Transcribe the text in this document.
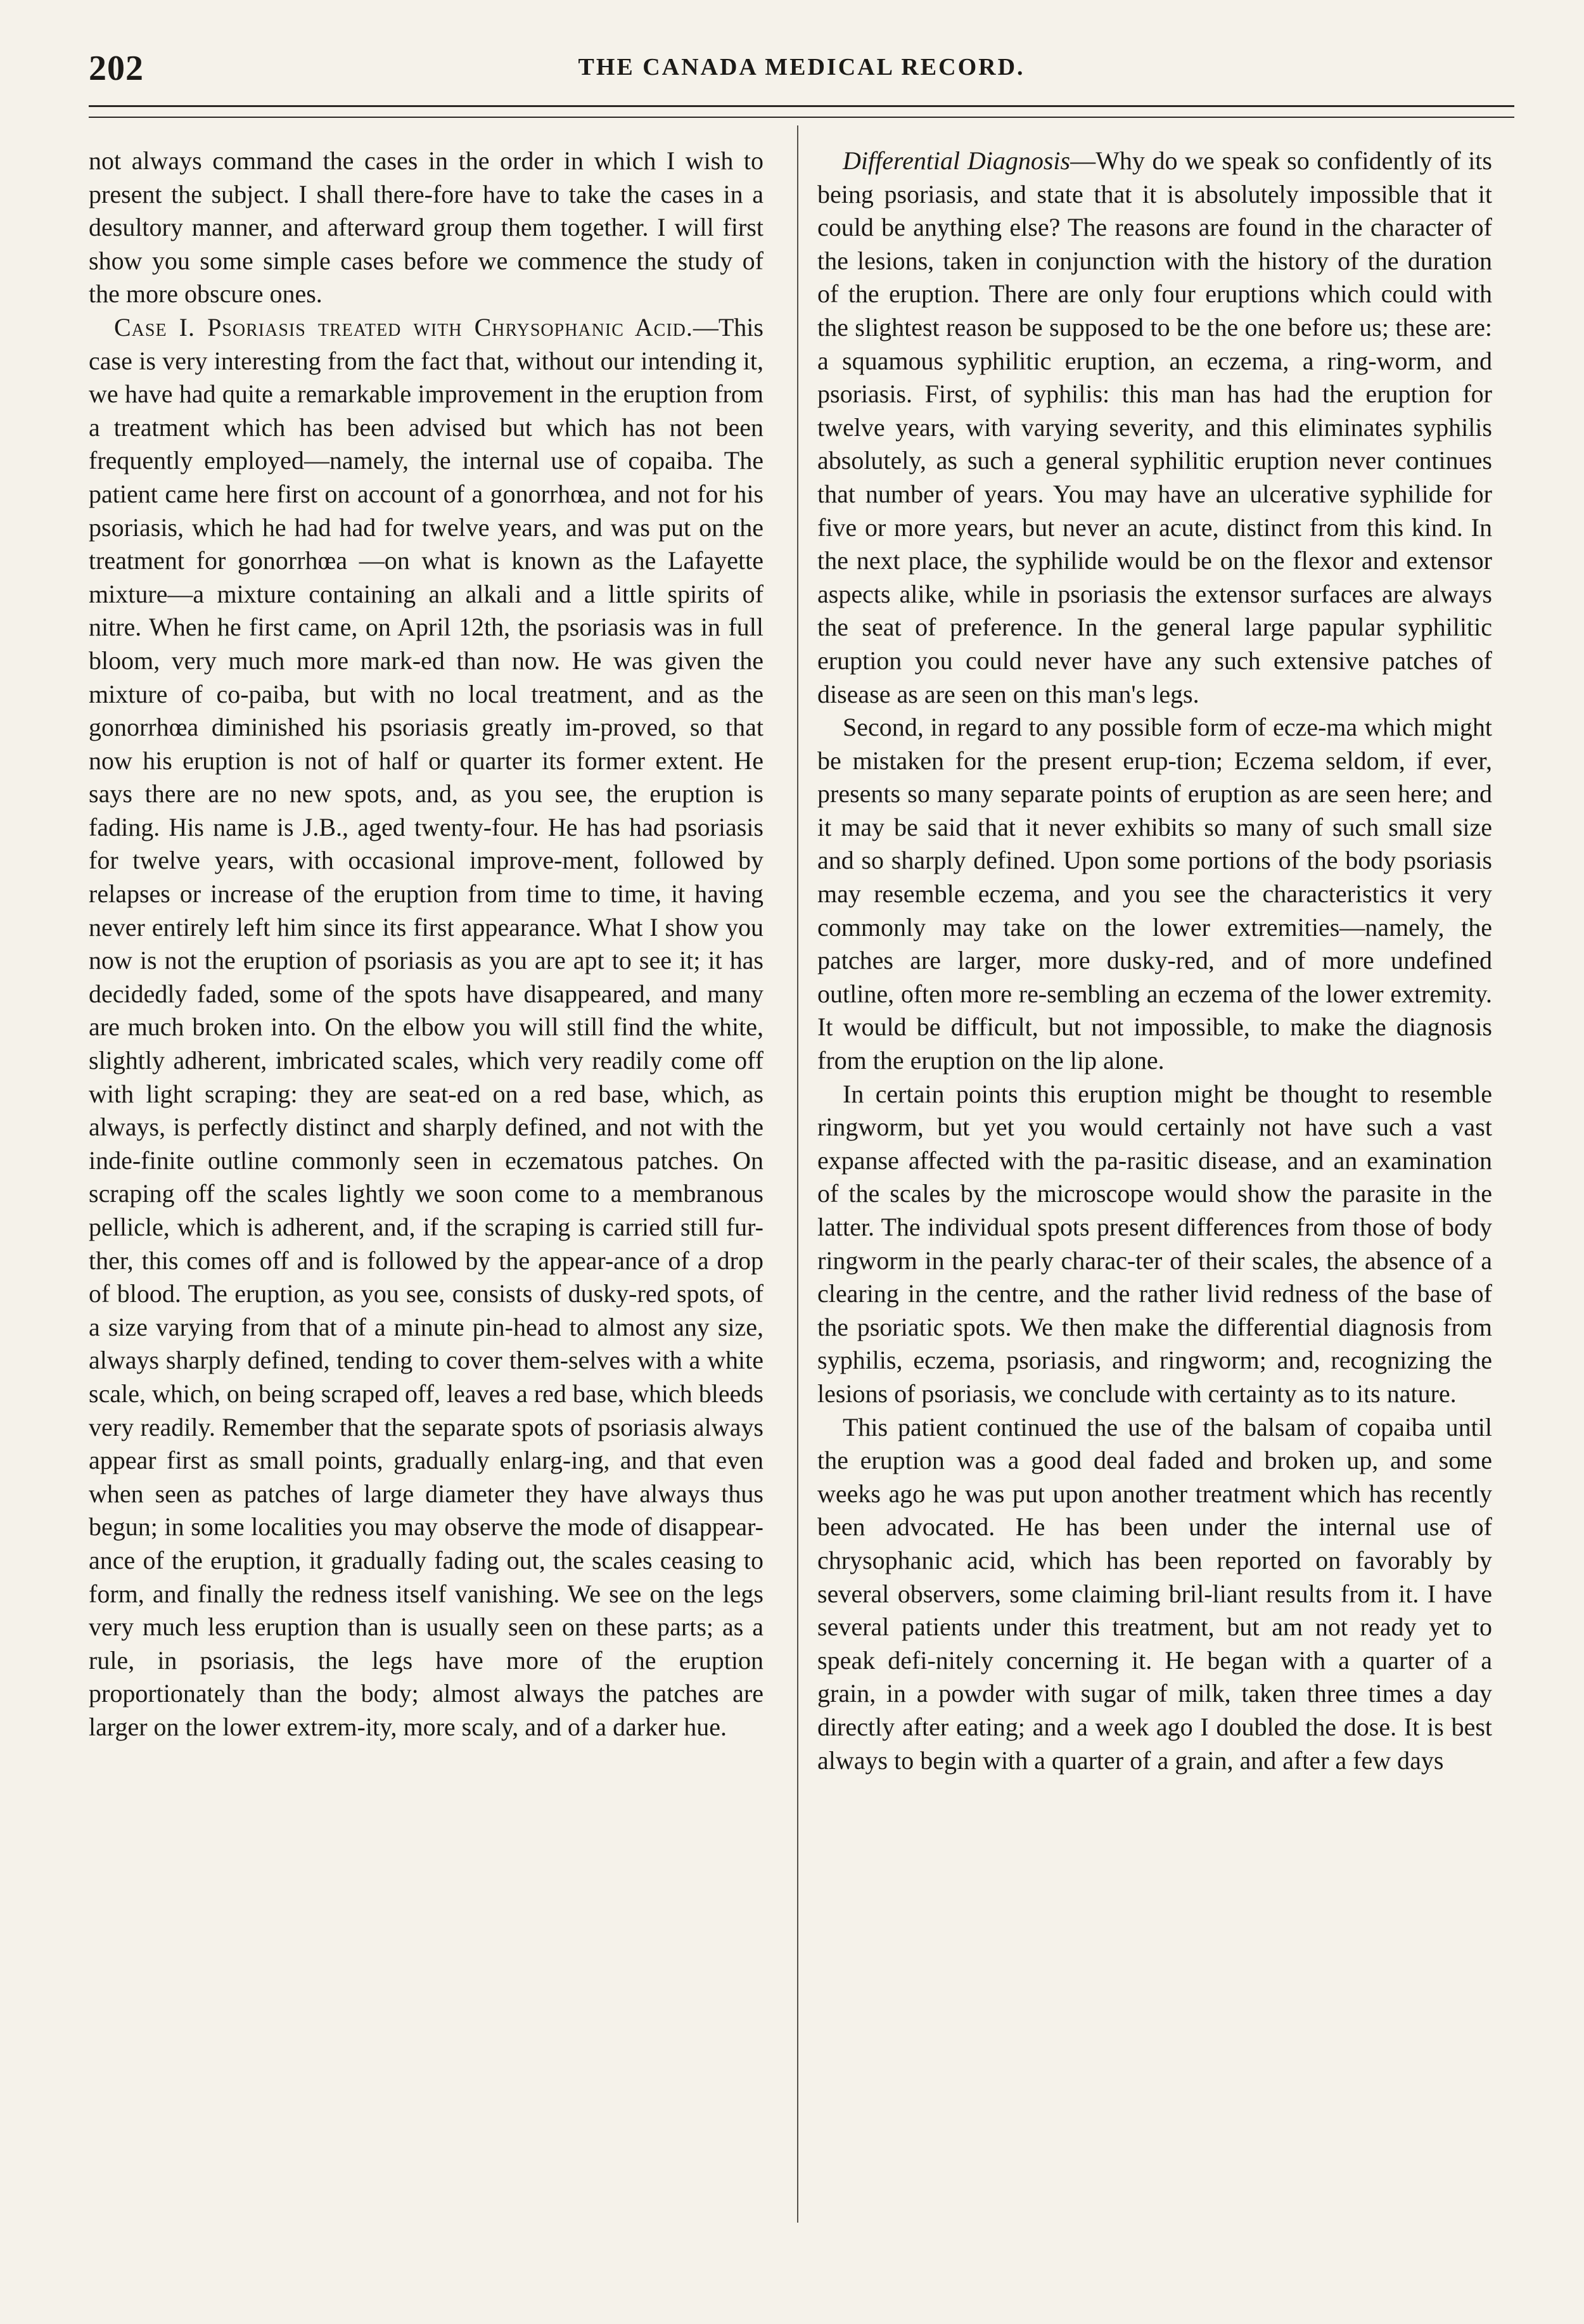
202	THE CANADA MEDICAL RECORD.

not always command the cases in the order in which I wish to present the subject. I shall there-fore have to take the cases in a desultory manner, and afterward group them together. I will first show you some simple cases before we commence the study of the more obscure ones.

Case I. Psoriasis treated with Chrysophanic Acid.—This case is very interesting from the fact that, without our intending it, we have had quite a remarkable improvement in the eruption from a treatment which has been advised but which has not been frequently employed—namely, the internal use of copaiba. The patient came here first on account of a gonorrhœa, and not for his psoriasis, which he had had for twelve years, and was put on the treatment for gonorrhœa —on what is known as the Lafayette mixture—a mixture containing an alkali and a little spirits of nitre. When he first came, on April 12th, the psoriasis was in full bloom, very much more mark-ed than now. He was given the mixture of co-paiba, but with no local treatment, and as the gonorrhœa diminished his psoriasis greatly im-proved, so that now his eruption is not of half or quarter its former extent. He says there are no new spots, and, as you see, the eruption is fading. His name is J.B., aged twenty-four. He has had psoriasis for twelve years, with occasional improve-ment, followed by relapses or increase of the eruption from time to time, it having never entirely left him since its first appearance. What I show you now is not the eruption of psoriasis as you are apt to see it; it has decidedly faded, some of the spots have disappeared, and many are much broken into. On the elbow you will still find the white, slightly adherent, imbricated scales, which very readily come off with light scraping: they are seat-ed on a red base, which, as always, is perfectly distinct and sharply defined, and not with the inde-finite outline commonly seen in eczematous patches. On scraping off the scales lightly we soon come to a membranous pellicle, which is adherent, and, if the scraping is carried still fur-ther, this comes off and is followed by the appear-ance of a drop of blood. The eruption, as you see, consists of dusky-red spots, of a size varying from that of a minute pin-head to almost any size, always sharply defined, tending to cover them-selves with a white scale, which, on being scraped off, leaves a red base, which bleeds very readily. Remember that the separate spots of psoriasis always appear first as small points, gradually enlarg-ing, and that even when seen as patches of large diameter they have always thus begun; in some localities you may observe the mode of disappear-ance of the eruption, it gradually fading out, the scales ceasing to form, and finally the redness itself vanishing. We see on the legs very much less eruption than is usually seen on these parts; as a rule, in psoriasis, the legs have more of the eruption proportionately than the body; almost always the patches are larger on the lower extrem-ity, more scaly, and of a darker hue.

Differential Diagnosis—Why do we speak so confidently of its being psoriasis, and state that it is absolutely impossible that it could be anything else? The reasons are found in the character of the lesions, taken in conjunction with the history of the duration of the eruption. There are only four eruptions which could with the slightest reason be supposed to be the one before us; these are: a squamous syphilitic eruption, an eczema, a ring-worm, and psoriasis. First, of syphilis: this man has had the eruption for twelve years, with varying severity, and this eliminates syphilis absolutely, as such a general syphilitic eruption never continues that number of years. You may have an ulcerative syphilide for five or more years, but never an acute, distinct from this kind. In the next place, the syphilide would be on the flexor and extensor aspects alike, while in psoriasis the extensor surfaces are always the seat of preference. In the general large papular syphilitic eruption you could never have any such extensive patches of disease as are seen on this man's legs.

Second, in regard to any possible form of ecze-ma which might be mistaken for the present erup-tion; Eczema seldom, if ever, presents so many separate points of eruption as are seen here; and it may be said that it never exhibits so many of such small size and so sharply defined. Upon some portions of the body psoriasis may resemble eczema, and you see the characteristics it very commonly may take on the lower extremities—namely, the patches are larger, more dusky-red, and of more undefined outline, often more re-sembling an eczema of the lower extremity. It would be difficult, but not impossible, to make the diagnosis from the eruption on the lip alone.

In certain points this eruption might be thought to resemble ringworm, but yet you would certainly not have such a vast expanse affected with the pa-rasitic disease, and an examination of the scales by the microscope would show the parasite in the latter. The individual spots present differences from those of body ringworm in the pearly charac-ter of their scales, the absence of a clearing in the centre, and the rather livid redness of the base of the psoriatic spots. We then make the differential diagnosis from syphilis, eczema, psoriasis, and ringworm; and, recognizing the lesions of psoriasis, we conclude with certainty as to its nature.

This patient continued the use of the balsam of copaiba until the eruption was a good deal faded and broken up, and some weeks ago he was put upon another treatment which has recently been advocated. He has been under the internal use of chrysophanic acid, which has been reported on favorably by several observers, some claiming bril-liant results from it. I have several patients under this treatment, but am not ready yet to speak defi-nitely concerning it. He began with a quarter of a grain, in a powder with sugar of milk, taken three times a day directly after eating; and a week ago I doubled the dose. It is best always to begin with a quarter of a grain, and after a few days
